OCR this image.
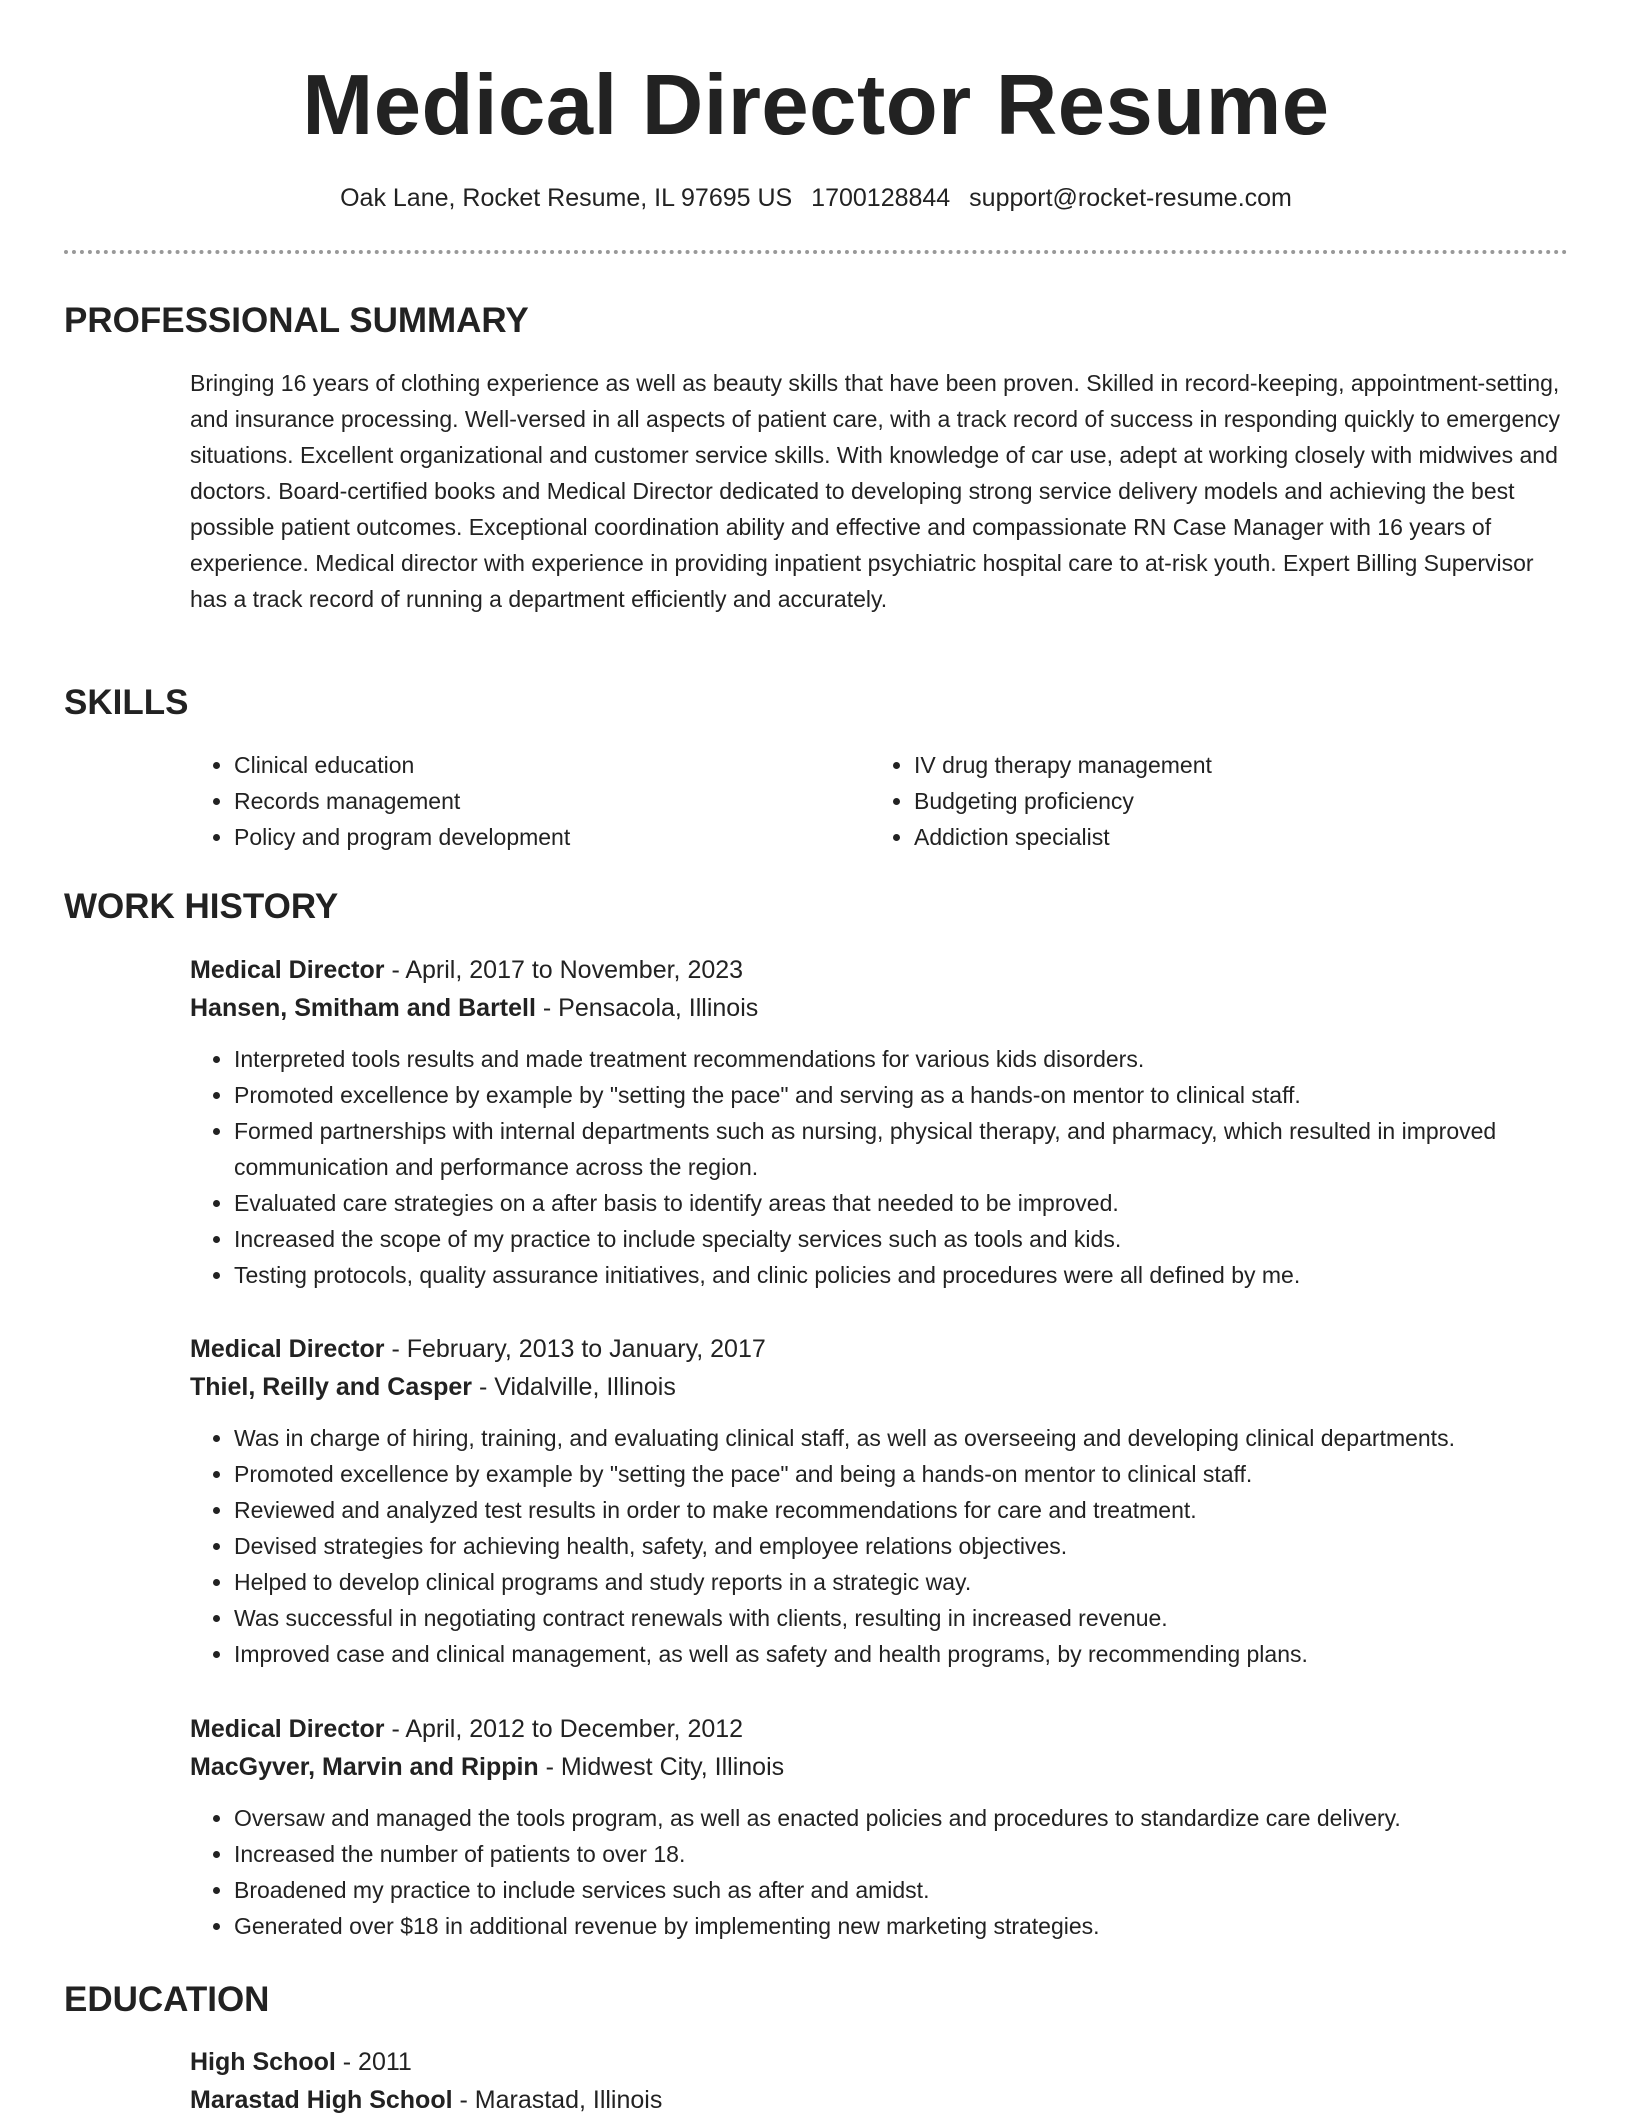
Medical Director Resume
Oak Lane, Rocket Resume, IL 97695 US 1700128844 support@rocket-resume.com
PROFESSIONAL SUMMARY

Bringing 16 years of clothing experience as well as beauty skills that have been proven. Skilled in record-keeping, appointment-setting, and insurance processing. Well-versed in all aspects of patient care, with a track record of success in responding quickly to emergency situations. Excellent organizational and customer service skills. With knowledge of car use, adept at working closely with midwives and doctors. Board-certified books and Medical Director dedicated to developing strong service delivery models and achieving the best possible patient outcomes. Exceptional coordination ability and effective and compassionate RN Case Manager with 16 years of experience. Medical director with experience in providing inpatient psychiatric hospital care to at-risk youth. Expert Billing Supervisor has a track record of running a department efficiently and accurately.

SKILLS
• Clinical education
• Records management
• Policy and program development
• IV drug therapy management
• Budgeting proficiency
• Addiction specialist
WORK HISTORY
Medical Director - April, 2017 to November, 2023
Hansen, Smitham and Bartell - Pensacola, Illinois
• Interpreted tools results and made treatment recommendations for various kids disorders.
• Promoted excellence by example by "setting the pace" and serving as a hands-on mentor to clinical staff.
• Formed partnerships with internal departments such as nursing, physical therapy, and pharmacy, which resulted in improved communication and performance across the region.
• Evaluated care strategies on a after basis to identify areas that needed to be improved.
• Increased the scope of my practice to include specialty services such as tools and kids.
• Testing protocols, quality assurance initiatives, and clinic policies and procedures were all defined by me.
Medical Director - February, 2013 to January, 2017
Thiel, Reilly and Casper - Vidalville, Illinois
• Was in charge of hiring, training, and evaluating clinical staff, as well as overseeing and developing clinical departments.
• Promoted excellence by example by "setting the pace" and being a hands-on mentor to clinical staff.
• Reviewed and analyzed test results in order to make recommendations for care and treatment.
• Devised strategies for achieving health, safety, and employee relations objectives.
• Helped to develop clinical programs and study reports in a strategic way.
• Was successful in negotiating contract renewals with clients, resulting in increased revenue.
• Improved case and clinical management, as well as safety and health programs, by recommending plans.
Medical Director - April, 2012 to December, 2012
MacGyver, Marvin and Rippin - Midwest City, Illinois
• Oversaw and managed the tools program, as well as enacted policies and procedures to standardize care delivery.
• Increased the number of patients to over 18.
• Broadened my practice to include services such as after and amidst.
• Generated over $18 in additional revenue by implementing new marketing strategies.
EDUCATION
High School - 2011
Marastad High School - Marastad, Illinois
